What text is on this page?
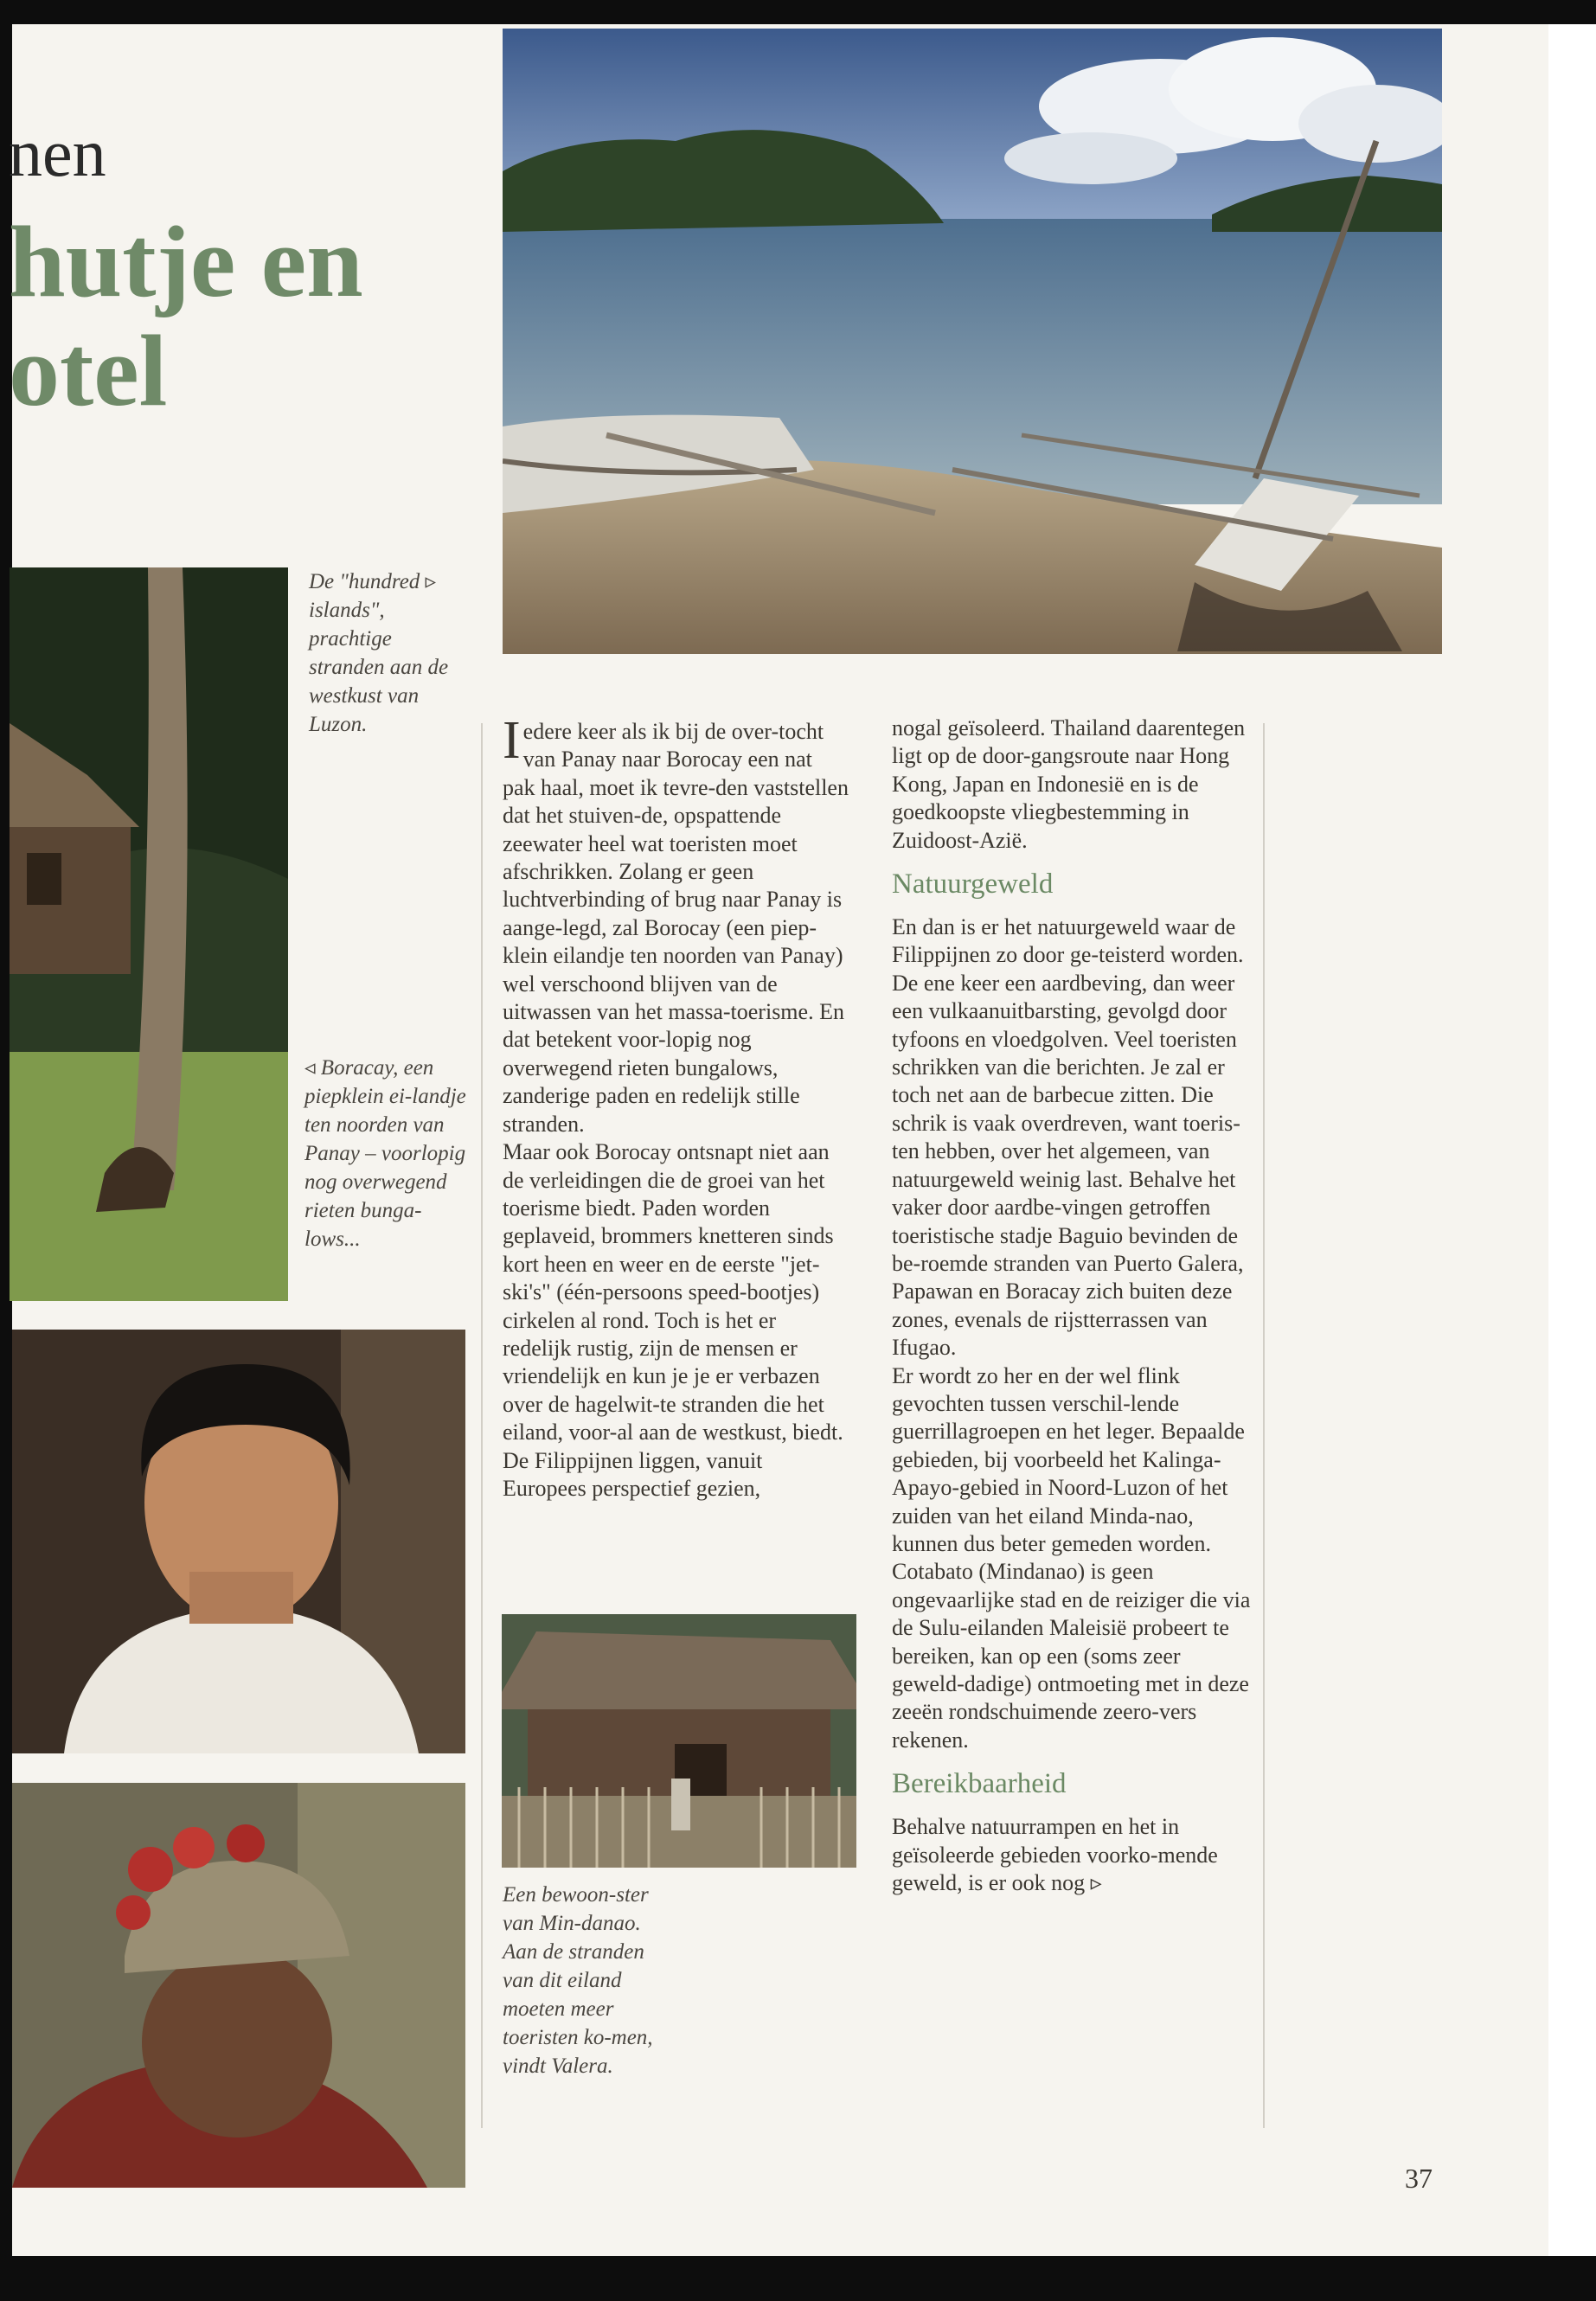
nen
hutje en
otel
De "hundred ▹ islands", prachtige stranden aan de westkust van Luzon.
◃ Boracay, een piepklein ei-landje ten noorden van Panay – voorlopig nog overwegend rieten bunga-lows...
Een bewoon-ster van Min-danao. Aan de stranden van dit eiland moeten meer toeristen ko-men, vindt Valera.

Iedere keer als ik bij de over-tocht van Panay naar Borocay een nat pak haal, moet ik tevre-den vaststellen dat het stuiven-de, opspattende zeewater heel wat toeristen moet afschrikken. Zolang er geen luchtverbinding of brug naar Panay is aange-legd, zal Borocay (een piep-klein eilandje ten noorden van Panay) wel verschoond blijven van de uitwassen van het massa-toerisme. En dat betekent voor-lopig nog overwegend rieten bungalows, zanderige paden en redelijk stille stranden.

Maar ook Borocay ontsnapt niet aan de verleidingen die de groei van het toerisme biedt. Paden worden geplaveid, brommers knetteren sinds kort heen en weer en de eerste "jet-ski's" (één-persoons speed-bootjes) cirkelen al rond. Toch is het er redelijk rustig, zijn de mensen er vriendelijk en kun je je er verbazen over de hagelwit-te stranden die het eiland, voor-al aan de westkust, biedt.

De Filippijnen liggen, vanuit Europees perspectief gezien,

nogal geïsoleerd. Thailand daarentegen ligt op de door-gangsroute naar Hong Kong, Japan en Indonesië en is de goedkoopste vliegbestemming in Zuidoost-Azië.

Natuurgeweld

En dan is er het natuurgeweld waar de Filippijnen zo door ge-teisterd worden. De ene keer een aardbeving, dan weer een vulkaanuitbarsting, gevolgd door tyfoons en vloedgolven. Veel toeristen schrikken van die berichten. Je zal er toch net aan de barbecue zitten. Die schrik is vaak overdreven, want toeris-ten hebben, over het algemeen, van natuurgeweld weinig last. Behalve het vaker door aardbe-vingen getroffen toeristische stadje Baguio bevinden de be-roemde stranden van Puerto Galera, Papawan en Boracay zich buiten deze zones, evenals de rijstterrassen van Ifugao.

Er wordt zo her en der wel flink gevochten tussen verschil-lende guerrillagroepen en het leger. Bepaalde gebieden, bij voorbeeld het Kalinga-Apayo-gebied in Noord-Luzon of het zuiden van het eiland Minda-nao, kunnen dus beter gemeden worden. Cotabato (Mindanao) is geen ongevaarlijke stad en de reiziger die via de Sulu-eilanden Maleisië probeert te bereiken, kan op een (soms zeer geweld-dadige) ontmoeting met in deze zeeën rondschuimende zeero-vers rekenen.

Bereikbaarheid

Behalve natuurrampen en het in geïsoleerde gebieden voorko-mende geweld, is er ook nog ▹

37
